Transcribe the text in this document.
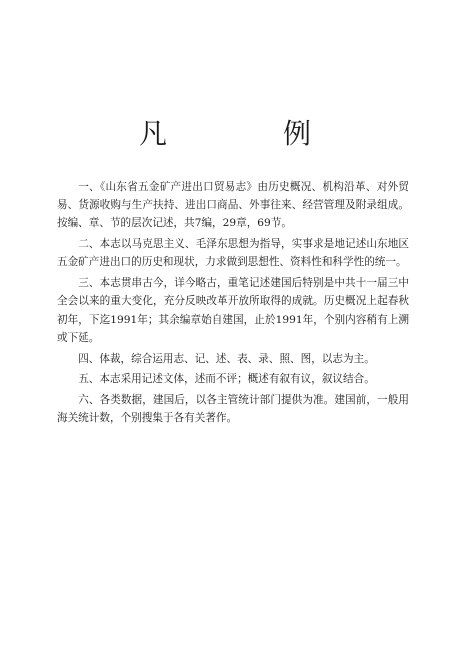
凡　例

一、《山东省五金矿产进出口贸易志》由历史概况、机构沿革、对外贸易、货源收购与生产扶持、进出口商品、外事往来、经营管理及附录组成。按编、章、节的层次记述，共7编，29章，69节。

二、本志以马克思主义、毛泽东思想为指导，实事求是地记述山东地区五金矿产进出口的历史和现状，力求做到思想性、资料性和科学性的统一。

三、本志贯串古今，详今略古，重笔记述建国后特别是中共十一届三中全会以来的重大变化，充分反映改革开放所取得的成就。历史概况上起春秋初年，下迄1991年；其余编章始自建国，止於1991年，个别内容稍有上溯或下延。

四、体裁，综合运用志、记、述、表、录、照、图，以志为主。

五、本志采用记述文体，述而不评；概述有叙有议，叙议结合。

六、各类数据，建国后，以各主管统计部门提供为准。建国前，一般用海关统计数，个别搜集于各有关著作。
